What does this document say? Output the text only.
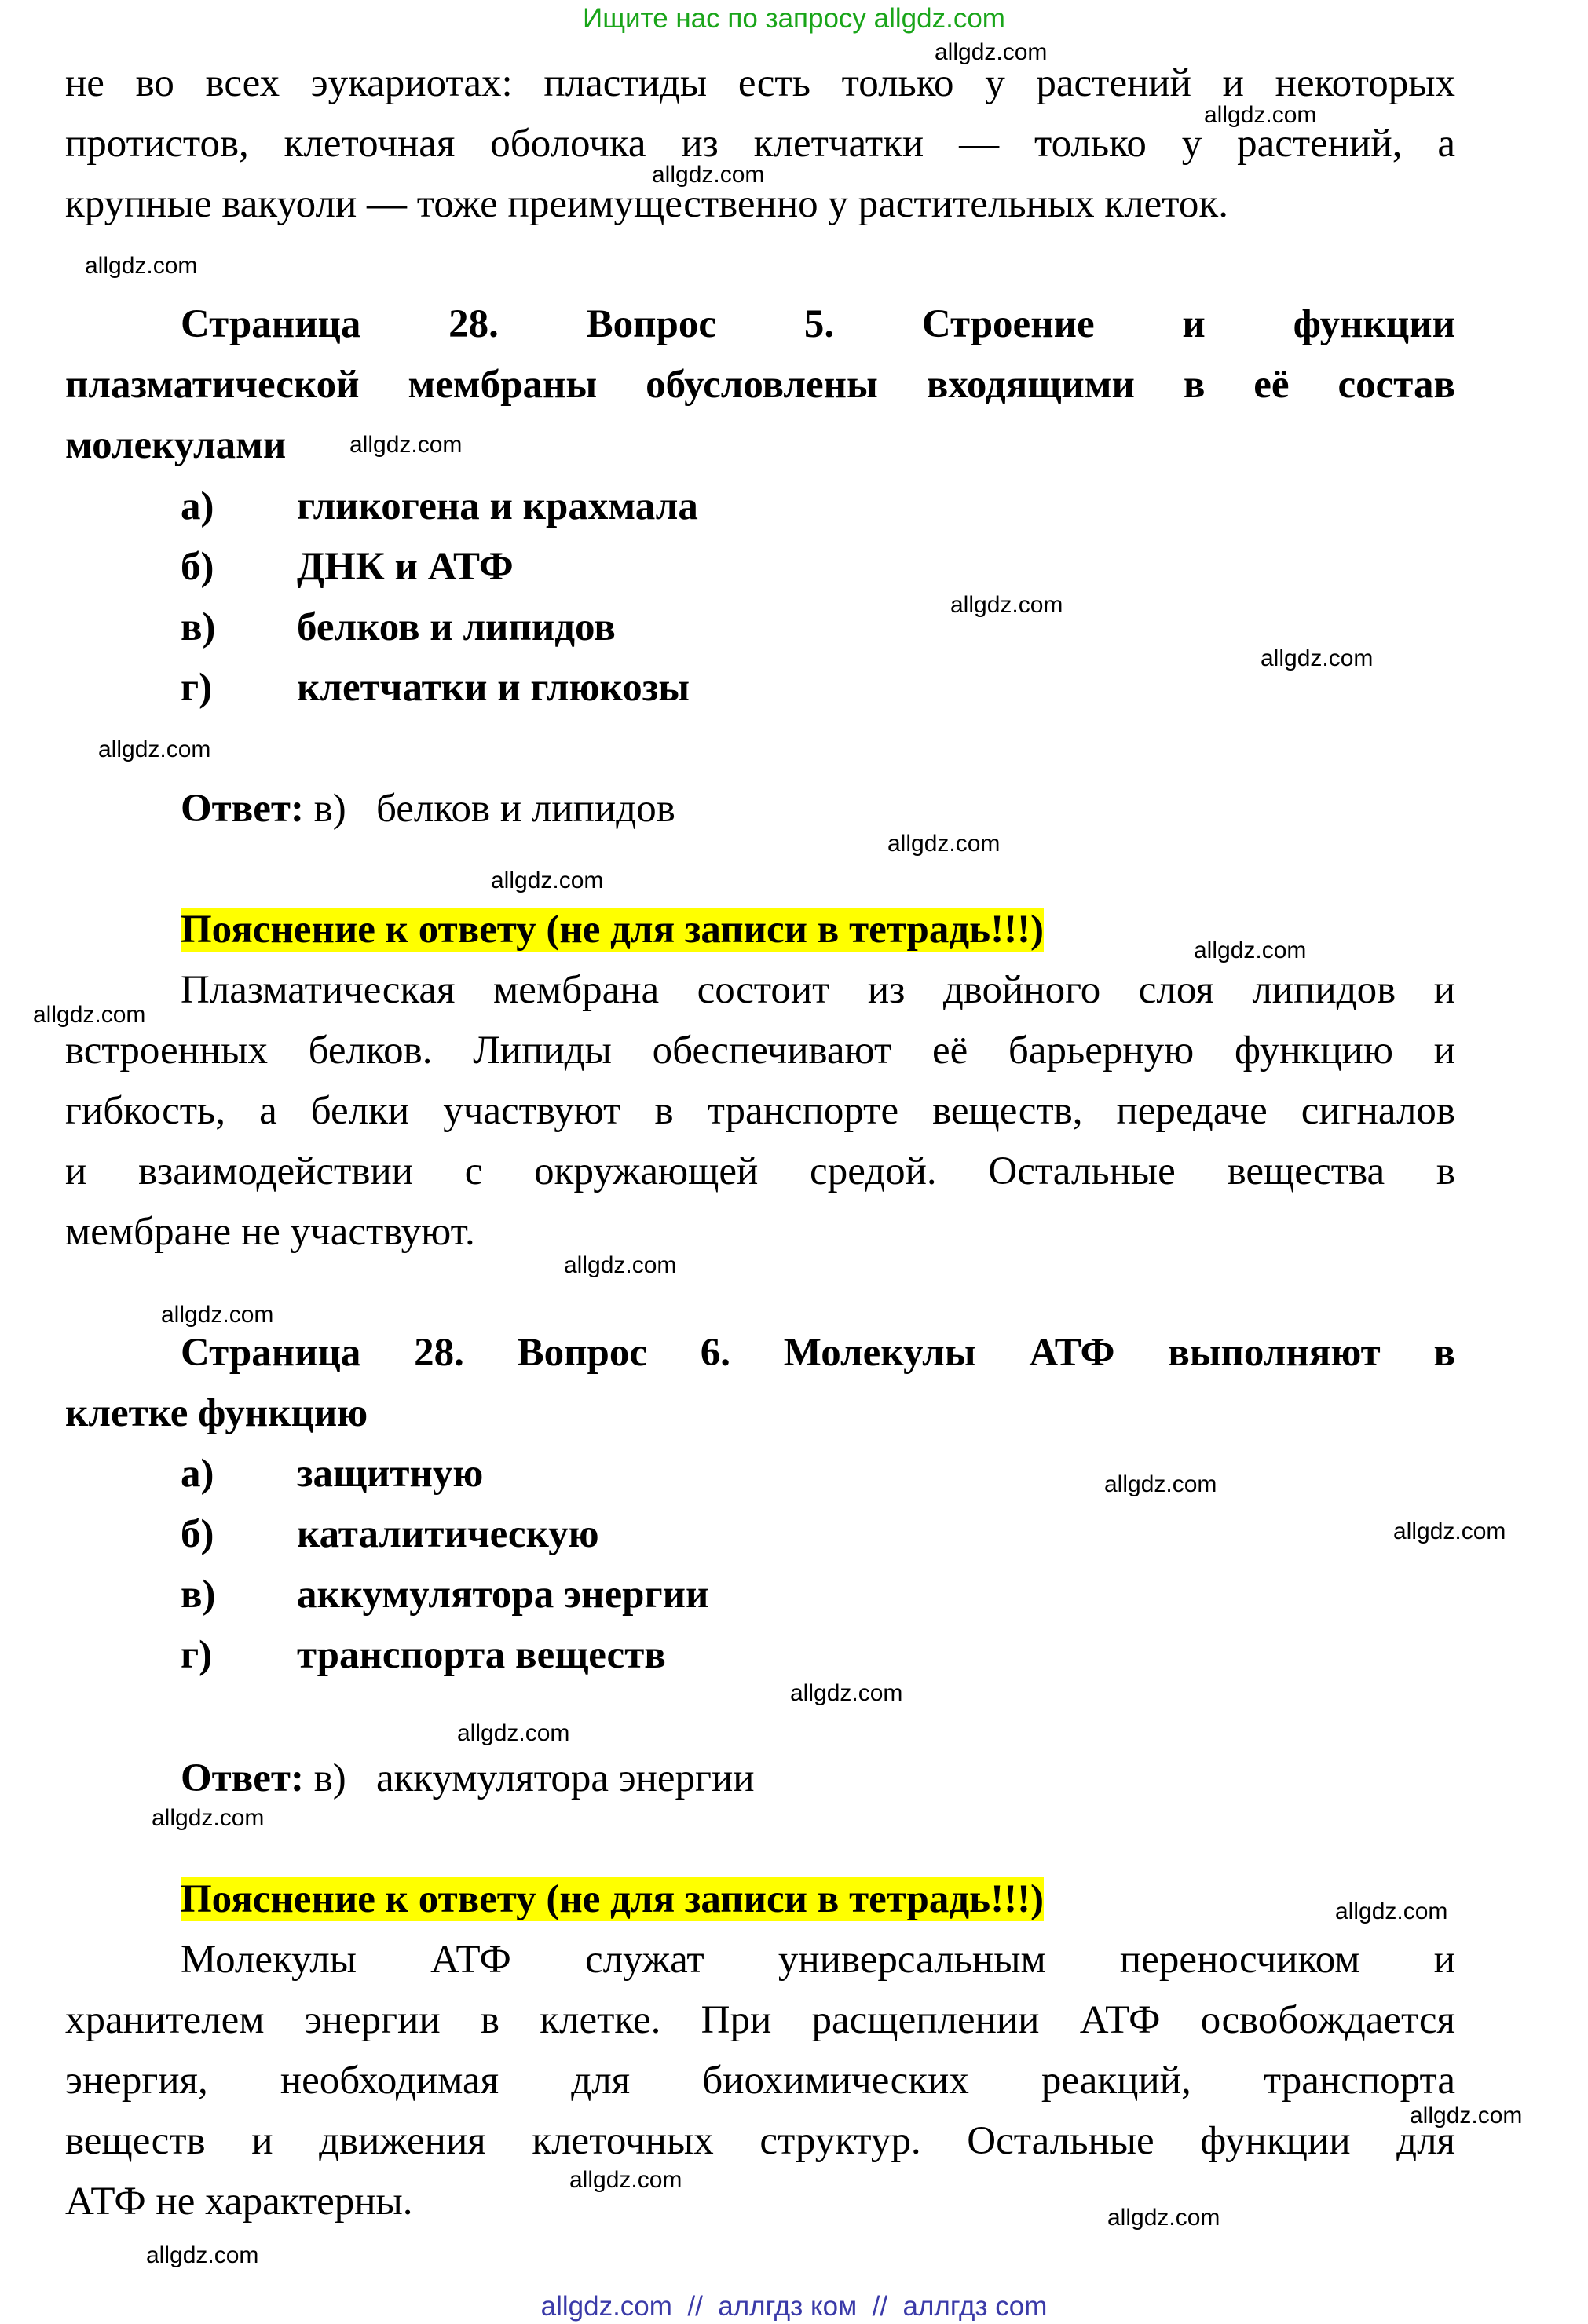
Ищите нас по запросу allgdz.com
не во всех эукариотах: пластиды есть только у растений и некоторых
протистов, клеточная оболочка из клетчатки — только у растений, а
крупные вакуоли — тоже преимущественно у растительных клеток.
Страница 28. Вопрос 5. Строение и функции
плазматической мембраны обусловлены входящими в её состав
молекулами
а) гликогена и крахмала
б) ДНК и АТФ
в) белков и липидов
г) клетчатки и глюкозы
Ответ: в)   белков и липидов
Пояснение к ответу (не для записи в тетрадь!!!)
Плазматическая мембрана состоит из двойного слоя липидов и
встроенных белков. Липиды обеспечивают её барьерную функцию и
гибкость, а белки участвуют в транспорте веществ, передаче сигналов
и взаимодействии с окружающей средой. Остальные вещества в
мембране не участвуют.
Страница 28. Вопрос 6. Молекулы АТФ выполняют в
клетке функцию
а) защитную
б) каталитическую
в) аккумулятора энергии
г) транспорта веществ
Ответ: в)   аккумулятора энергии
Пояснение к ответу (не для записи в тетрадь!!!)
Молекулы АТФ служат универсальным переносчиком и
хранителем энергии в клетке. При расщеплении АТФ освобождается
энергия, необходимая для биохимических реакций, транспорта
веществ и движения клеточных структур. Остальные функции для
АТФ не характерны.
allgdz.com
allgdz.com
allgdz.com
allgdz.com
allgdz.com
allgdz.com
allgdz.com
allgdz.com
allgdz.com
allgdz.com
allgdz.com
allgdz.com
allgdz.com
allgdz.com
allgdz.com
allgdz.com
allgdz.com
allgdz.com
allgdz.com
allgdz.com
allgdz.com
allgdz.com
allgdz.com
allgdz.com
allgdz.com  //  аллгдз ком  //  аллгдз com
